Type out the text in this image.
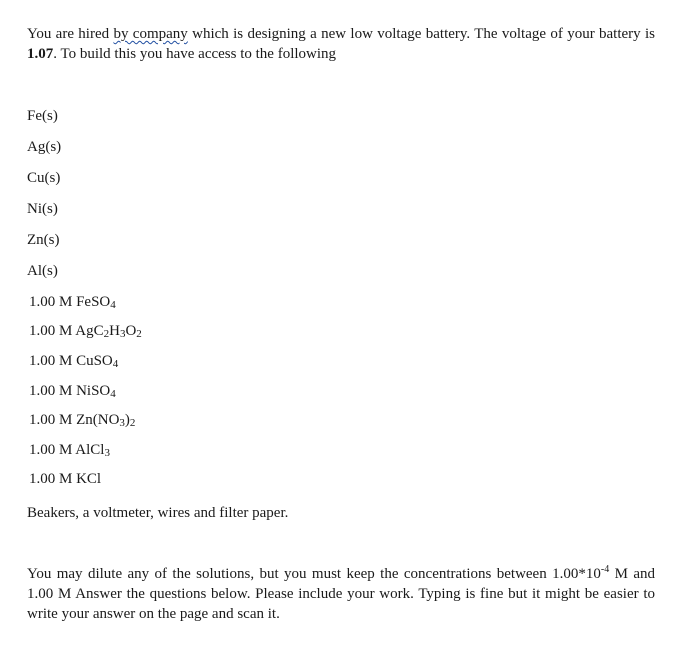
You are hired by company which is designing a new low voltage battery. The voltage of your battery is 1.07. To build this you have access to the following

Fe(s)
Ag(s)
Cu(s)
Ni(s)
Zn(s)
Al(s)
1.00 M FeSO$_4$
1.00 M $AgC_2H_3O_2$
1.00 M CuSO$_4$
1.00 M NiSO$_4$
1.00 M $Zn(NO_3)_2$
1.00 M AlCl$_3$
1.00 M KCl
Beakers, a voltmeter, wires and filter paper.

You may dilute any of the solutions, but you must keep the concentrations between $1.00*10^{-4}$ M and 1.00 M Answer the questions below. Please include your work. Typing is fine but it might be easier to write your answer on the page and scan it.
